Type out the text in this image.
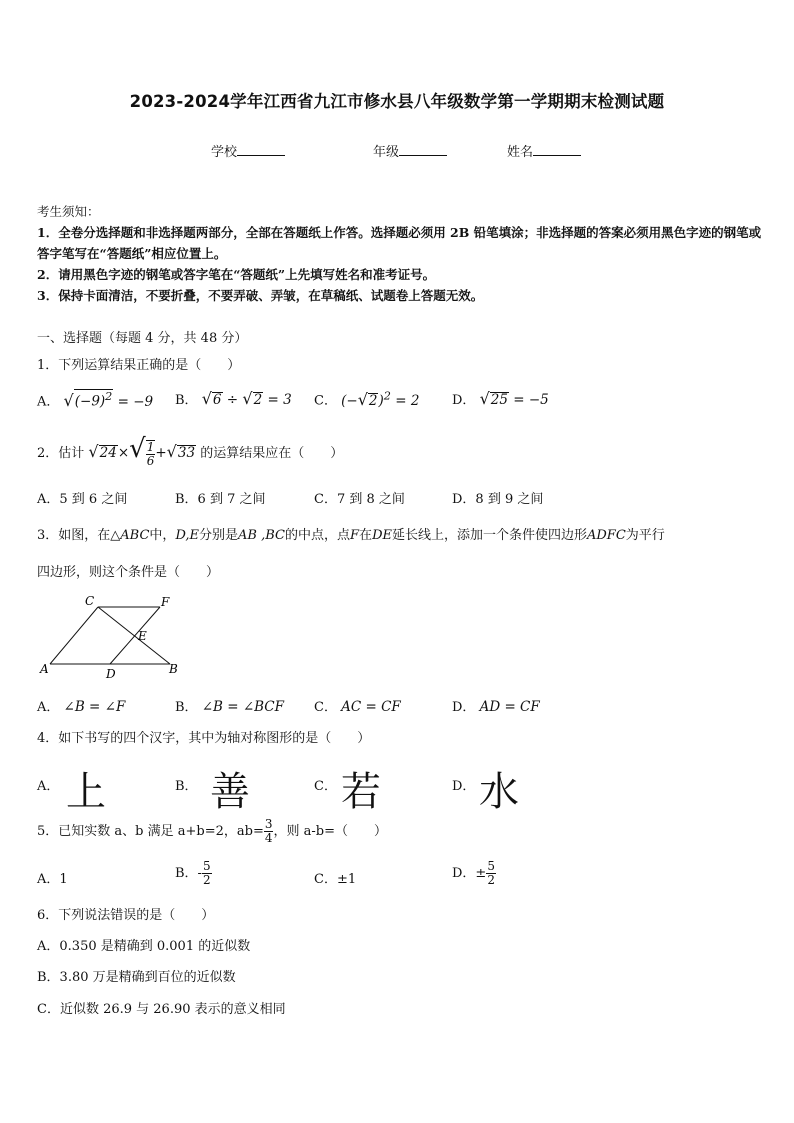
2023-2024学年江西省九江市修水县八年级数学第一学期期末检测试题
学校	年级	姓名
考生须知：
1．全卷分选择题和非选择题两部分，全部在答题纸上作答。选择题必须用 2B 铅笔填涂；非选择题的答案必须用黑色字迹的钢笔或答字笔写在“答题纸”相应位置上。
2．请用黑色字迹的钢笔或答字笔在“答题纸”上先填写姓名和准考证号。
3．保持卡面清洁，不要折叠，不要弄破、弄皱，在草稿纸、试题卷上答题无效。
一、选择题（每题 4 分，共 48 分）
1．下列运算结果正确的是（　　）
A． $√(-9)^2 = -9$ B． √6 ÷ √2 = 3 C． $(-√2)^2 = 2$	D． √25 = −5
2．估计 $√24\times√ \frac{1}{6} +√33$ 的运算结果应在（　　）
A．5 到 6 之间	B．6 到 7 之间	C．7 到 8 之间	D．8 到 9 之间
3．如图，在△ABC中，D,E分别是AB ,BC的中点，点F在DE延长线上，添加一个条件使四边形ADFC为平行
四边形，则这个条件是（　　）
C	F
E
A	D	B
A． ∠B = ∠F	B． ∠B = ∠BCF C． AC = CF	D． AD = CF
4．如下书写的四个汉字，其中为轴对称图形的是（　　）
A． 上	B． 善	C． 若	D． 水
5．已知实数 a、b 满足 a+b=2，$ab= \frac{3}{4}$ ，则 a-b=（　　）
A．1	B．- $\frac{5}{2}$	C．±1	D．± $\frac{5}{2}$
6．下列说法错误的是（　　）
A．0.350 是精确到 0.001 的近似数
B．3.80 万是精确到百位的近似数
C．近似数 26.9 与 26.90 表示的意义相同
